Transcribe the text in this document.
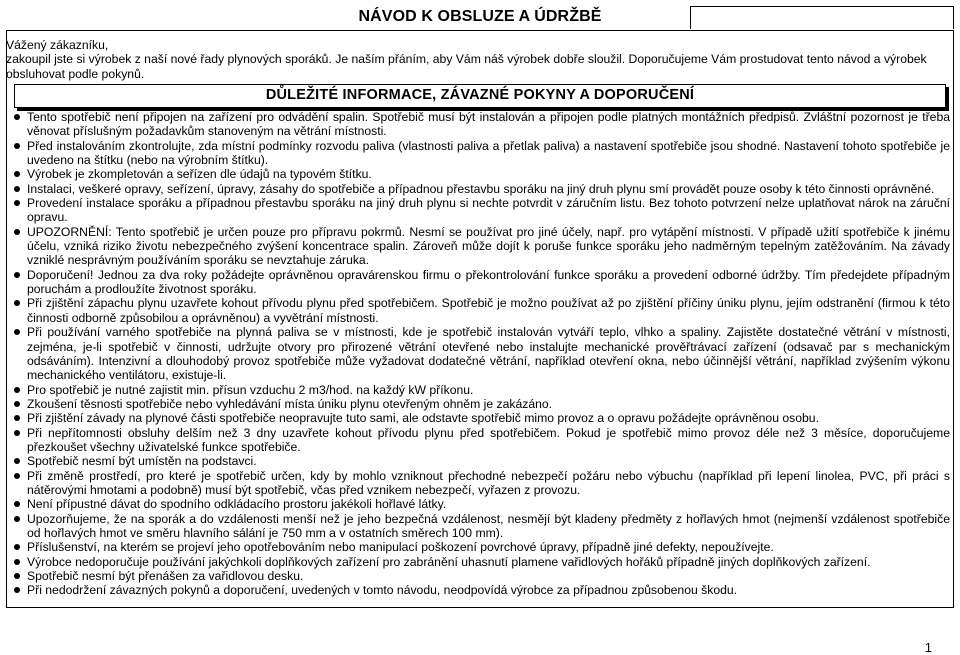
NÁVOD K OBSLUZE A ÚDRŽBĚ
Vážený zákazníku,
zakoupil jste si výrobek z naší nové řady plynových sporáků. Je naším přáním, aby Vám náš výrobek dobře sloužil. Doporučujeme Vám prostudovat tento návod a výrobek obsluhovat podle pokynů.
DŮLEŽITÉ INFORMACE, ZÁVAZNÉ POKYNY A DOPORUČENÍ
Tento spotřebič není připojen na zařízení pro odvádění spalin. Spotřebič musí být instalován a připojen podle platných montážních předpisů. Zvláštní pozornost je třeba věnovat příslušným požadavkům stanoveným na větrání místnosti.
Před instalováním zkontrolujte, zda místní podmínky rozvodu paliva (vlastnosti paliva a přetlak paliva) a nastavení spotřebiče jsou shodné. Nastavení tohoto spotřebiče je uvedeno na štítku (nebo na výrobním štítku).
Výrobek je zkompletován a seřízen dle údajů na typovém štítku.
Instalaci, veškeré opravy, seřízení, úpravy, zásahy do spotřebiče a případnou přestavbu sporáku na jiný druh plynu smí provádět pouze osoby k této činnosti oprávněné.
Provedení instalace sporáku a případnou přestavbu sporáku na jiný druh plynu si nechte potvrdit v záručním listu. Bez tohoto potvrzení nelze uplatňovat nárok na záruční opravu.
UPOZORNĚNÍ: Tento spotřebič je určen pouze pro přípravu pokrmů. Nesmí se používat pro jiné účely, např. pro vytápění místnosti. V případě užití spotřebiče k jinému účelu, vzniká riziko životu nebezpečného zvýšení koncentrace spalin. Zároveň může dojít k poruše funkce sporáku jeho nadměrným tepelným zatěžováním. Na závady vzniklé nesprávným používáním sporáku se nevztahuje záruka.
Doporučení! Jednou za dva roky požádejte oprávněnou opravárenskou firmu o překontrolování funkce sporáku a provedení odborné údržby. Tím předejdete případným poruchám a prodloužíte životnost sporáku.
Při zjištění zápachu plynu uzavřete kohout přívodu plynu před spotřebičem. Spotřebič je možno používat až po zjištění příčiny úniku plynu, jejím odstranění (firmou k této činnosti odborně způsobilou a oprávněnou) a vyvětrání místnosti.
Při používání varného spotřebiče na plynná paliva se v místnosti, kde je spotřebič instalován vytváří teplo, vlhko a spaliny. Zajistěte dostatečné větrání v místnosti, zejména, je-li spotřebič v činnosti, udržujte otvory pro přirozené větrání otevřené nebo instalujte mechanické prověřtrávací zařízení (odsavač par s mechanickým odsáváním). Intenzivní a dlouhodobý provoz spotřebiče může vyžadovat dodatečné větrání, například otevření okna, nebo účinnější větrání, například zvýšením výkonu mechanického ventilátoru, existuje-li.
Pro spotřebič je nutné zajistit min. přísun vzduchu 2 m3/hod. na každý kW příkonu.
Zkoušení těsnosti spotřebiče nebo vyhledávání místa úniku plynu otevřeným ohněm je zakázáno.
Při zjištění závady na plynové části spotřebiče neopravujte tuto sami, ale odstavte spotřebič mimo provoz a o opravu požádejte oprávněnou osobu.
Při nepřítomnosti obsluhy delším než 3 dny uzavřete kohout přívodu plynu před spotřebičem. Pokud je spotřebič mimo provoz déle než 3 měsíce, doporučujeme přezkoušet všechny uživatelské funkce spotřebiče.
Spotřebič nesmí být umístěn na podstavci.
Při změně prostředí, pro které je spotřebič určen, kdy by mohlo vzniknout přechodné nebezpečí požáru nebo výbuchu (například při lepení linolea, PVC, při práci s nátěrovými hmotami a podobně) musí být spotřebič, včas před vznikem nebezpečí, vyřazen z provozu.
Není přípustné dávat do spodního odkládacího prostoru jakékoli hořlavé látky.
Upozorňujeme, že na sporák a do vzdálenosti menší než je jeho bezpečná vzdálenost, nesmějí být kladeny předměty z hořlavých hmot (nejmenší vzdálenost spotřebiče od hořlavých hmot ve směru hlavního sálání je 750 mm a v ostatních směrech 100 mm).
Příslušenství, na kterém se projeví jeho opotřebováním nebo manipulací poškození povrchové úpravy, případně jiné defekty, nepoužívejte.
Výrobce nedoporučuje používání jakýchkoli doplňkových zařízení pro zabránění uhasnutí plamene vařidlových hořáků případně jiných doplňkových zařízení.
Spotřebič nesmí být přenášen za vařidlovou desku.
Při nedodržení závazných pokynů a doporučení, uvedených v tomto návodu, neodpovídá výrobce za případnou způsobenou škodu.
1
